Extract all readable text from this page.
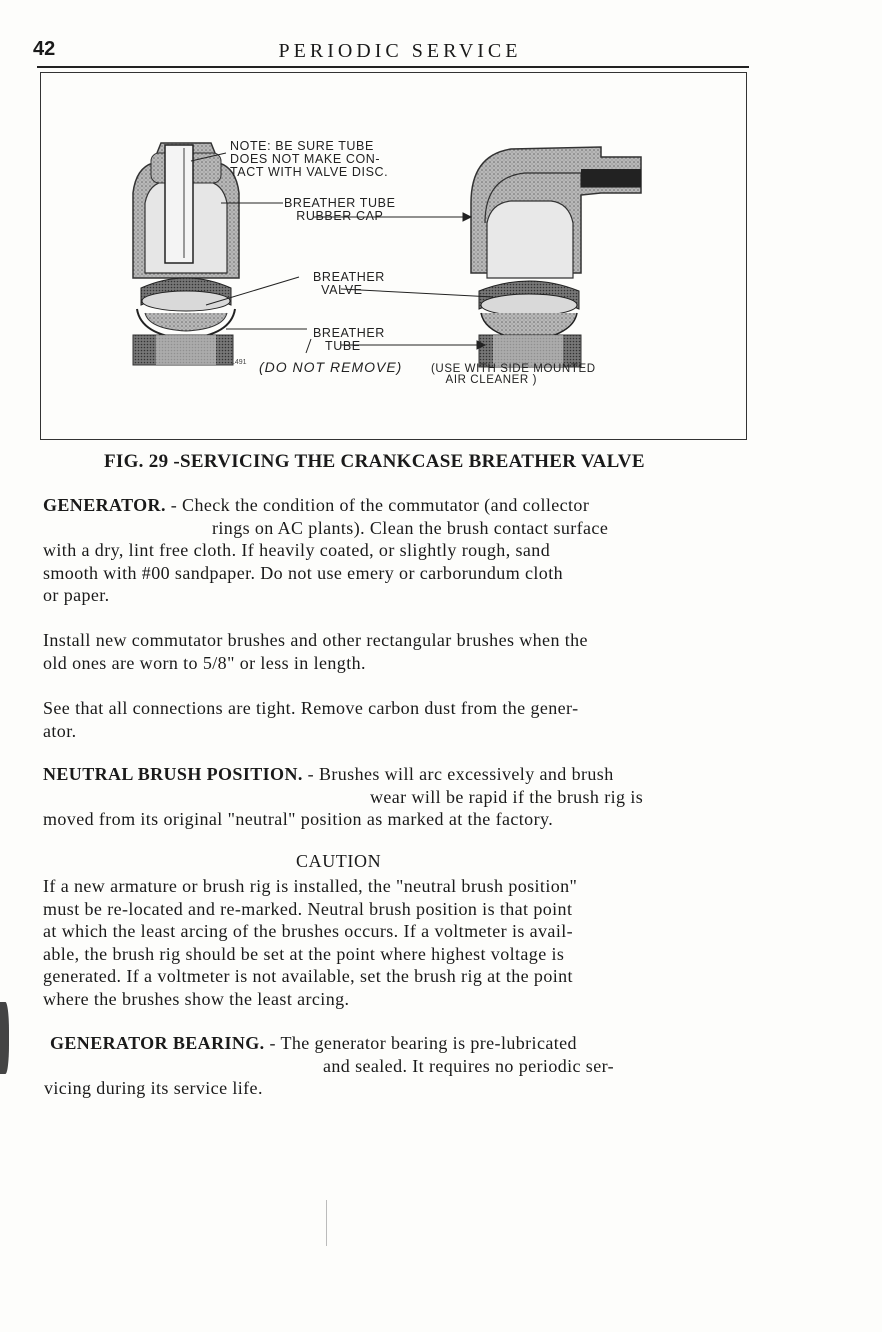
42	PERIODIC SERVICE
NOTE: BE SURE TUBE
DOES NOT MAKE CON-
TACT WITH VALVE DISC.
BREATHER TUBE
RUBBER CAP
BREATHER
VALVE
BREATHER
TUBE
(DO NOT REMOVE) (USE WITH SIDE MOUNTED
AIR CLEANER )
1491
FIG. 29 -SERVICING THE CRANKCASE BREATHER VALVE
GENERATOR. - Check the condition of the commutator (and collector
rings on AC plants). Clean the brush contact surface
with a dry, lint free cloth. If heavily coated, or slightly rough, sand
smooth with #00 sandpaper. Do not use emery or carborundum cloth
or paper.
Install new commutator brushes and other rectangular brushes when the
old ones are worn to 5/8" or less in length.
See that all connections are tight. Remove carbon dust from the gener-
ator.
NEUTRAL BRUSH POSITION. - Brushes will arc excessively and brush
wear will be rapid if the brush rig is
moved from its original "neutral" position as marked at the factory.
CAUTION
If a new armature or brush rig is installed, the "neutral brush position"
must be re-located and re-marked. Neutral brush position is that point
at which the least arcing of the brushes occurs. If a voltmeter is avail-
able, the brush rig should be set at the point where highest voltage is
generated. If a voltmeter is not available, set the brush rig at the point
where the brushes show the least arcing.
GENERATOR BEARING. - The generator bearing is pre-lubricated
and sealed. It requires no periodic ser-
vicing during its service life.
